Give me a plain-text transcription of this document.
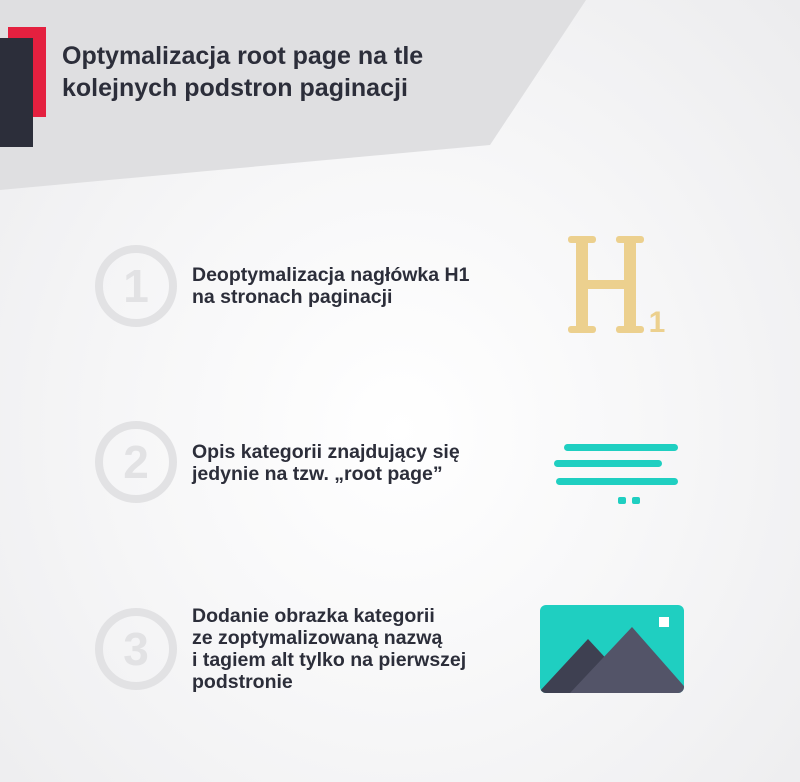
Optymalizacja root page na tle
kolejnych podstron paginacji
1 Deoptymalizacja nagłówka H1
na stronach paginacji
1
2 Opis kategorii znajdujący się
jedynie na tzw. „root page”
3
Dodanie obrazka kategorii
ze zoptymalizowaną nazwą
i tagiem alt tylko na pierwszej
podstronie
